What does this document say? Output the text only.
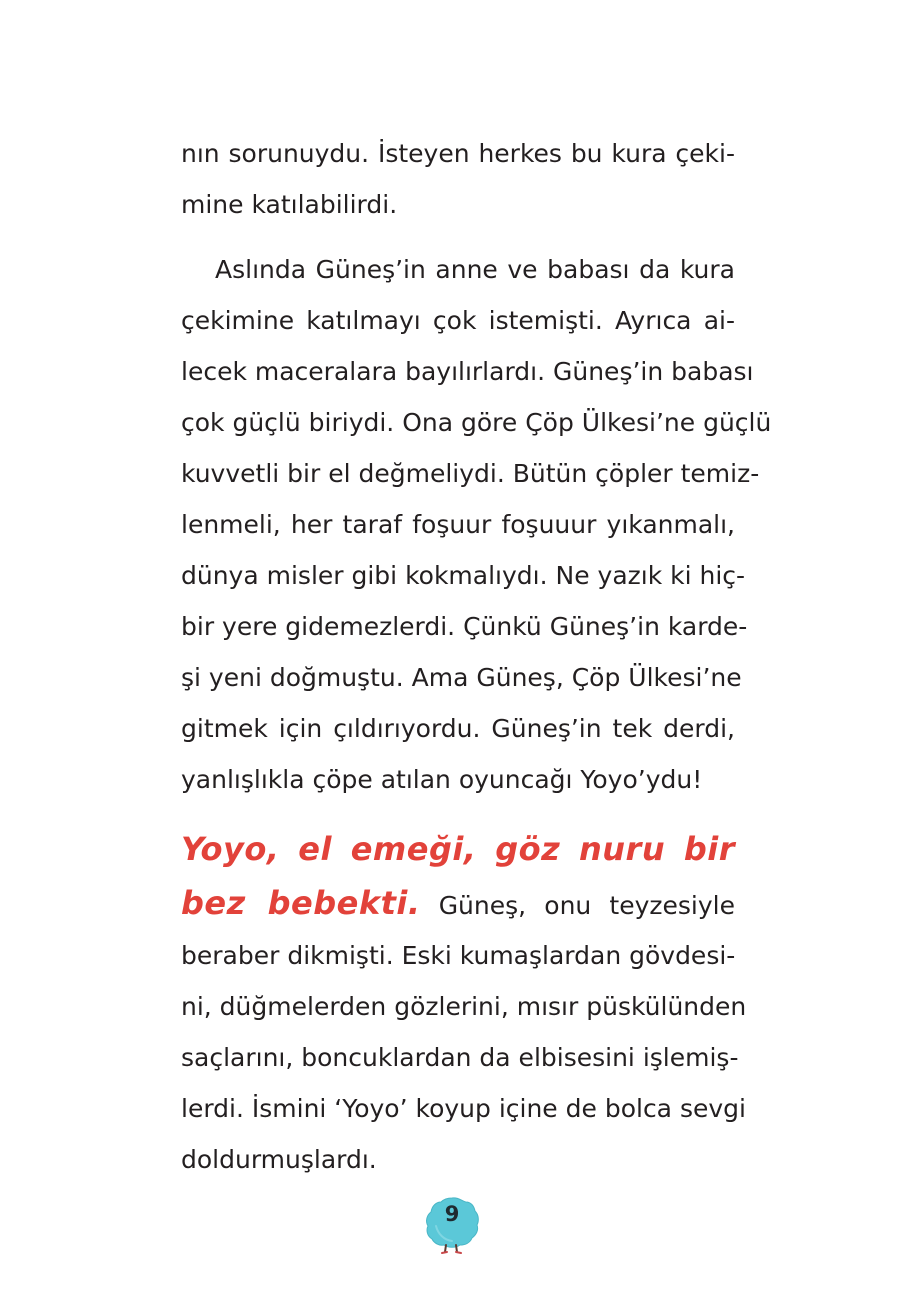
nın sorunuydu. İsteyen herkes bu kura çeki-
mine katılabilirdi.
Aslında Güneş’in anne ve babası da kura
çekimine katılmayı çok istemişti. Ayrıca ai-
lecek maceralara bayılırlardı. Güneş’in babası
çok güçlü biriydi. Ona göre Çöp Ülkesi’ne güçlü
kuvvetli bir el değmeliydi. Bütün çöpler temiz-
lenmeli, her taraf foşuur foşuuur yıkanmalı,
dünya misler gibi kokmalıydı. Ne yazık ki hiç-
bir yere gidemezlerdi. Çünkü Güneş’in karde-
şi yeni doğmuştu. Ama Güneş, Çöp Ülkesi’ne
gitmek için çıldırıyordu. Güneş’in tek derdi,
yanlışlıkla çöpe atılan oyuncağı Yoyo’ydu!
Yoyo, el emeği, göz nuru bir
bez bebekti. Güneş, onu teyzesiyle
beraber dikmişti. Eski kumaşlardan gövdesi-
ni, düğmelerden gözlerini, mısır püskülünden
saçlarını, boncuklardan da elbisesini işlemiş-
lerdi. İsmini ‘Yoyo’ koyup içine de bolca sevgi
doldurmuşlardı.
9
